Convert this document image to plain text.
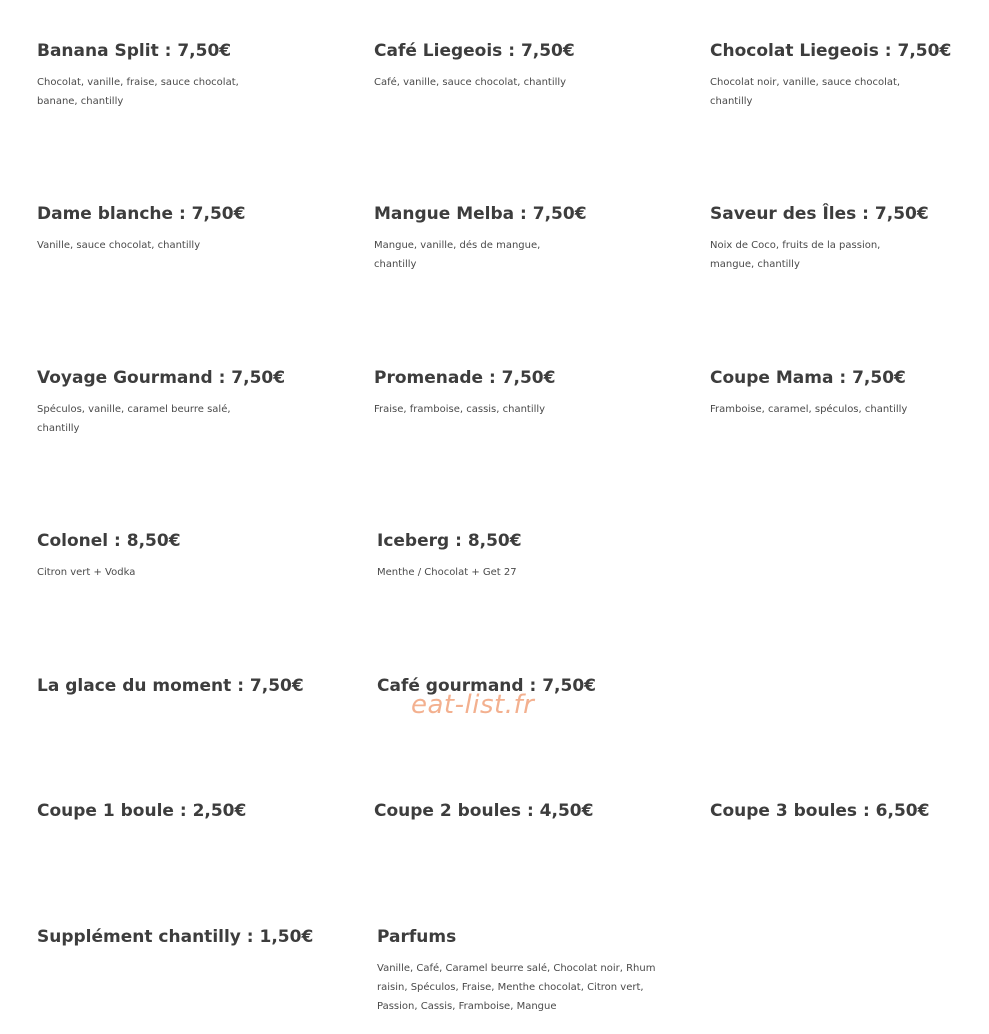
Banana Split : 7,50€

Chocolat, vanille, fraise, sauce chocolat, banane, chantilly

Café Liegeois : 7,50€

Café, vanille, sauce chocolat, chantilly

Chocolat Liegeois : 7,50€

Chocolat noir, vanille, sauce chocolat, chantilly

Dame blanche : 7,50€

Vanille, sauce chocolat, chantilly

Mangue Melba : 7,50€

Mangue, vanille, dés de mangue, chantilly

Saveur des Îles : 7,50€

Noix de Coco, fruits de la passion, mangue, chantilly

Voyage Gourmand : 7,50€

Spéculos, vanille, caramel beurre salé, chantilly

Promenade : 7,50€

Fraise, framboise, cassis, chantilly

Coupe Mama : 7,50€

Framboise, caramel, spéculos, chantilly

Colonel : 8,50€

Citron vert + Vodka

Iceberg : 8,50€

Menthe / Chocolat + Get 27

La glace du moment : 7,50€	Café gourmand : 7,50€
Coupe 1 boule : 2,50€	Coupe 2 boules : 4,50€	Coupe 3 boules : 6,50€
Supplément chantilly : 1,50€	Parfums

Vanille, Café, Caramel beurre salé, Chocolat noir, Rhum raisin, Spéculos, Fraise, Menthe chocolat, Citron vert, Passion, Cassis, Framboise, Mangue

eat-list.fr
